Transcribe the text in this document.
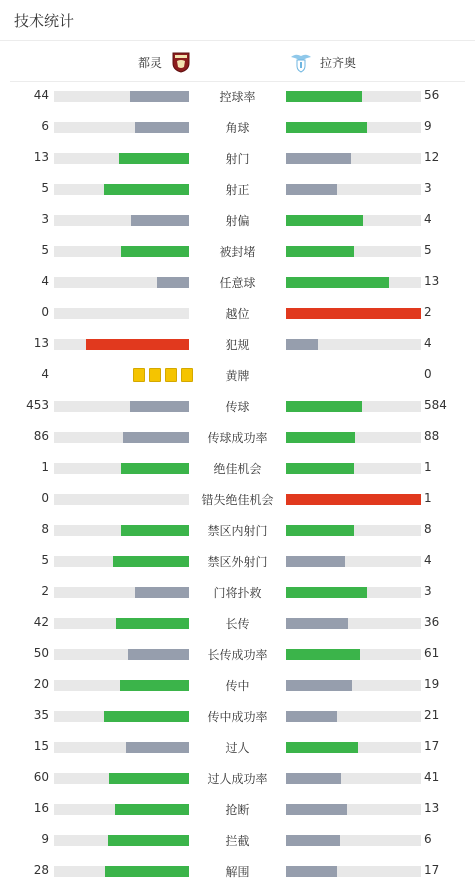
技术统计
都灵	拉齐奥
44	控球率	56
6	角球	9
13	射门	12
5	射正	3
3	射偏	4
5	被封堵	5
4	任意球	13
0	越位	2
13	犯规	4
4	黄牌	0
453	传球	584
86	传球成功率	88
1	绝佳机会	1
0	错失绝佳机会	1
8	禁区内射门	8
5	禁区外射门	4
2	门将扑救	3
42	长传	36
50	长传成功率	61
20	传中	19
35	传中成功率	21
15	过人	17
60	过人成功率	41
16	抢断	13
9	拦截	6
28	解围	17
